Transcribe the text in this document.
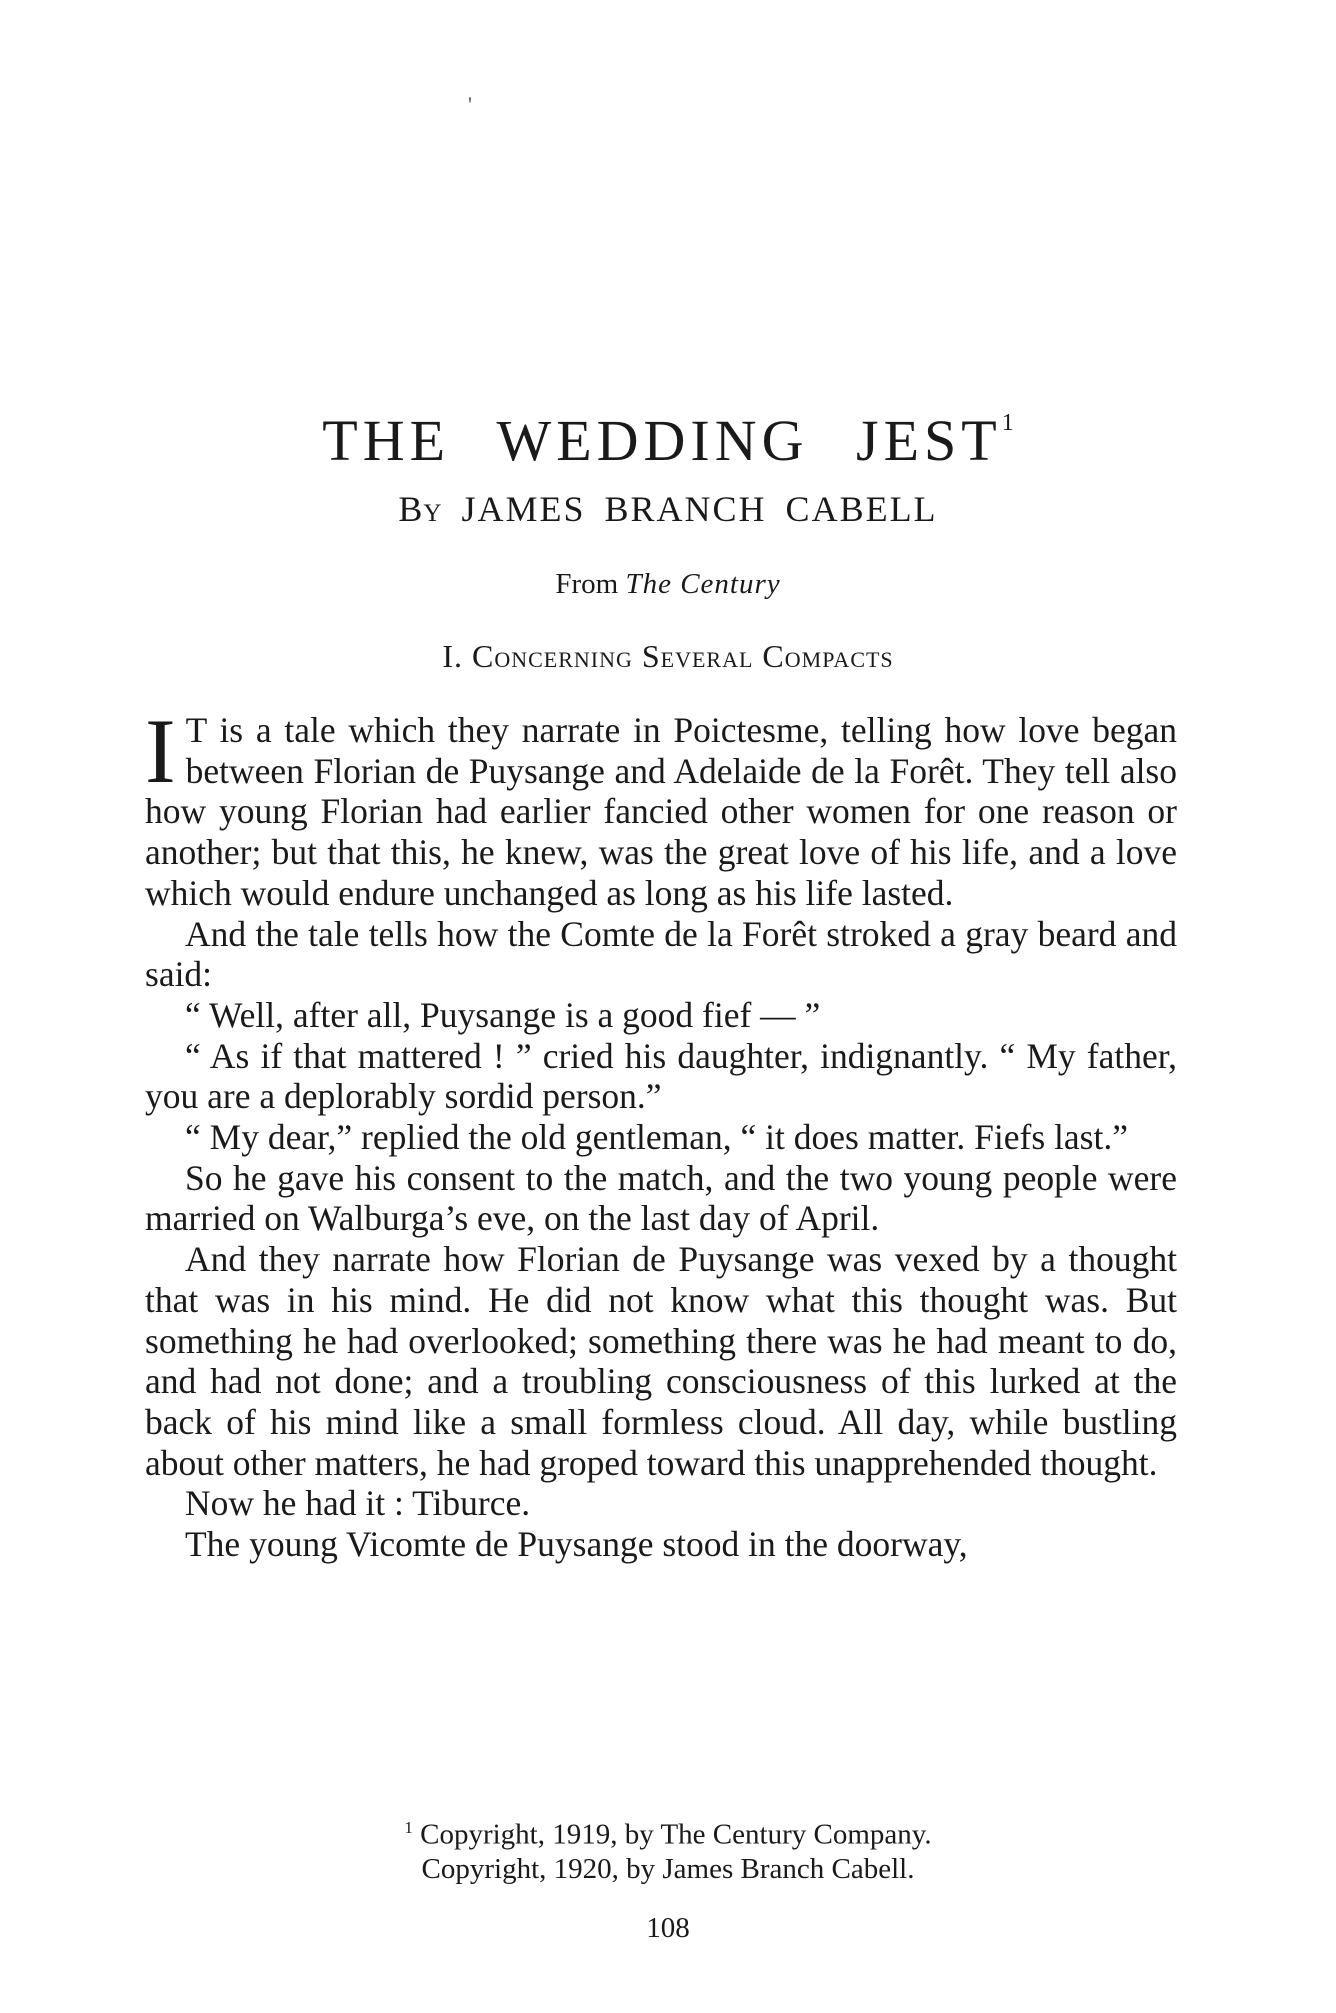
'
THE WEDDING JEST$^1$
By JAMES BRANCH CABELL
From The Century
I. Concerning Several Compacts

I T is a tale which they narrate in Poictesme, telling how love began between Florian de Puysange and Adelaide de la Forêt. They tell also how young Florian had earlier fancied other women for one reason or another; but that this, he knew, was the great love of his life, and a love which would endure unchanged as long as his life lasted.

And the tale tells how the Comte de la Forêt stroked a gray beard and said:

“ Well, after all, Puysange is a good fief — ”

“ As if that mattered ! ” cried his daughter, indignantly. “ My father, you are a deplorably sordid person.”

“ My dear,” replied the old gentleman, “ it does matter. Fiefs last.”

So he gave his consent to the match, and the two young people were married on Walburga’s eve, on the last day of April.

And they narrate how Florian de Puysange was vexed by a thought that was in his mind. He did not know what this thought was. But something he had overlooked; something there was he had meant to do, and had not done; and a troubling consciousness of this lurked at the back of his mind like a small formless cloud. All day, while bustling about other matters, he had groped toward this unapprehended thought.

Now he had it : Tiburce.

The young Vicomte de Puysange stood in the doorway,

$^1$ Copyright, 1919, by The Century Company.
Copyright, 1920, by James Branch Cabell.
108
